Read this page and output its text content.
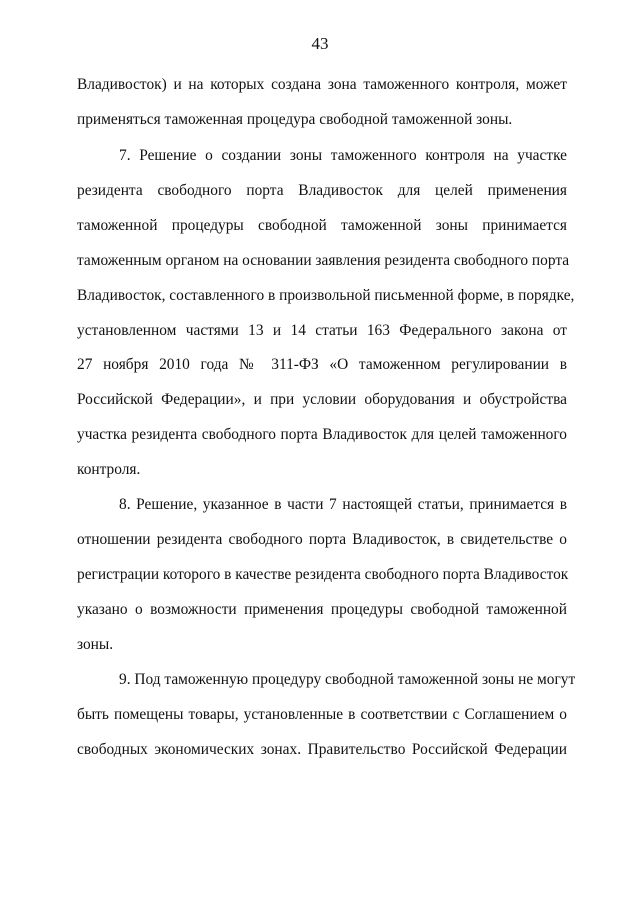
43
Владивосток) и на которых создана зона таможенного контроля, может
применяться таможенная процедура свободной таможенной зоны.
7. Решение о создании зоны таможенного контроля на участке
резидента свободного порта Владивосток для целей применения
таможенной процедуры свободной таможенной зоны принимается
таможенным органом на основании заявления резидента свободного порта
Владивосток, составленного в произвольной письменной форме, в порядке,
установленном частями 13 и 14 статьи 163 Федерального закона от
27 ноября 2010 года № 311-ФЗ «О таможенном регулировании в
Российской Федерации», и при условии оборудования и обустройства
участка резидента свободного порта Владивосток для целей таможенного
контроля.
8. Решение, указанное в части 7 настоящей статьи, принимается в
отношении резидента свободного порта Владивосток, в свидетельстве о
регистрации которого в качестве резидента свободного порта Владивосток
указано о возможности применения процедуры свободной таможенной
зоны.
9. Под таможенную процедуру свободной таможенной зоны не могут
быть помещены товары, установленные в соответствии с Соглашением о
свободных экономических зонах. Правительство Российской Федерации
